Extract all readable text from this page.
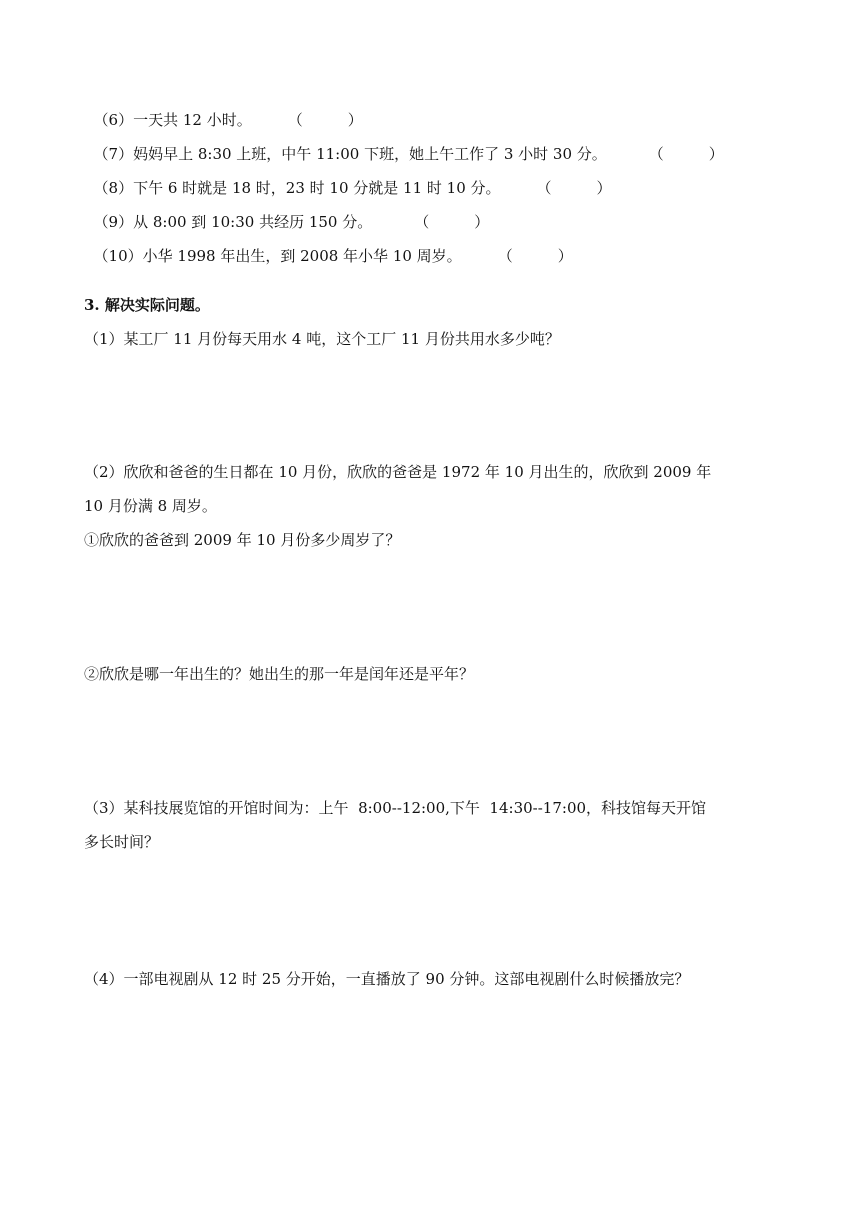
（6）一天共 12 小时。 （　　　）

（7）妈妈早上 8:30 上班，中午 11:00 下班，她上午工作了 3 小时 30 分。	（　　　）

（8）下午 6 时就是 18 时，23 时 10 分就是 11 时 10 分。 （　　　）

（9）从 8:00 到 10:30 共经历 150 分。	（　　　）

（10）小华 1998 年出生，到 2008 年小华 10 周岁。 （　　　）

3. 解决实际问题。
（1）某工厂 11 月份每天用水 4 吨，这个工厂 11 月份共用水多少吨？
（2）欣欣和爸爸的生日都在 10 月份，欣欣的爸爸是 1972 年 10 月出生的，欣欣到 2009 年
10 月份满 8 周岁。
①欣欣的爸爸到 2009 年 10 月份多少周岁了？
②欣欣是哪一年出生的？她出生的那一年是闰年还是平年？
（3）某科技展览馆的开馆时间为：上午  8:00--12:00,下午  14:30--17:00，科技馆每天开馆
多长时间？
（4）一部电视剧从 12 时 25 分开始，一直播放了 90 分钟。这部电视剧什么时候播放完？
